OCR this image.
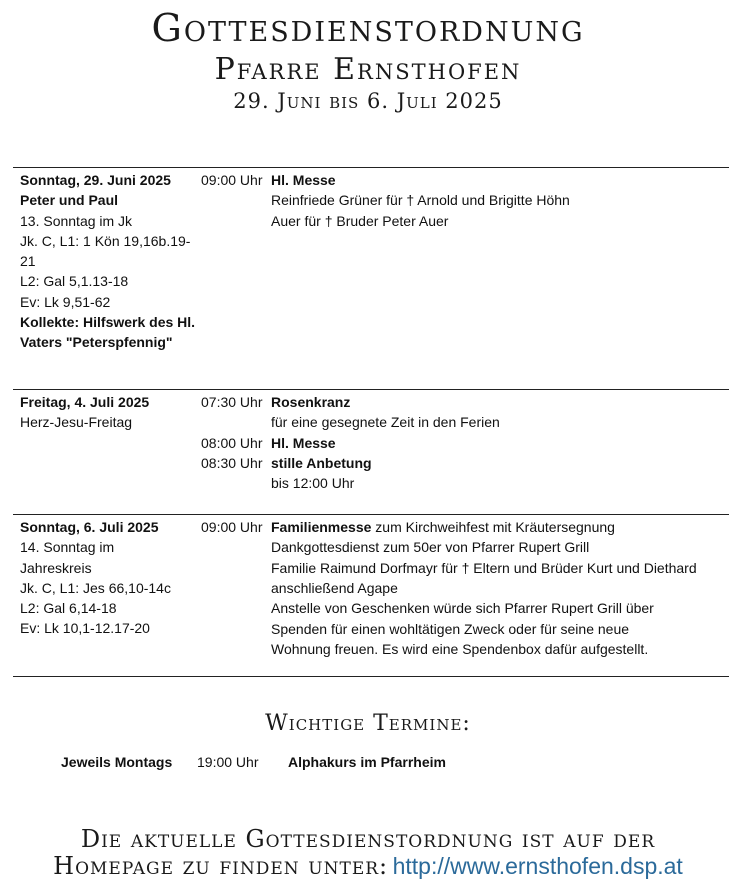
Gottesdienstordnung
Pfarre Ernsthofen
29. Juni bis 6. Juli 2025
Sonntag, 29. Juni 2025
Peter und Paul
13. Sonntag im Jk
Jk. C, L1: 1 Kön 19,16b.19-21
L2: Gal 5,1.13-18
Ev: Lk 9,51-62
Kollekte: Hilfswerk des Hl. Vaters "Peterspfennig"
09:00 Uhr Hl. Messe
Reinfriede Grüner für † Arnold und Brigitte Höhn
Auer für † Bruder Peter Auer
Freitag, 4. Juli 2025
Herz-Jesu-Freitag
07:30 Uhr Rosenkranz
für eine gesegnete Zeit in den Ferien
08:00 Uhr Hl. Messe
08:30 Uhr stille Anbetung
bis 12:00 Uhr
Sonntag, 6. Juli 2025
14. Sonntag im Jahreskreis
Jk. C, L1: Jes 66,10-14c
L2: Gal 6,14-18
Ev: Lk 10,1-12.17-20
09:00 Uhr Familienmesse zum Kirchweihfest mit Kräutersegnung
Dankgottesdienst zum 50er von Pfarrer Rupert Grill
Familie Raimund Dorfmayr für † Eltern und Brüder Kurt und Diethard
anschließend Agape
Anstelle von Geschenken würde sich Pfarrer Rupert Grill über
Spenden für einen wohltätigen Zweck oder für seine neue
Wohnung freuen. Es wird eine Spendenbox dafür aufgestellt.
Wichtige Termine:
Jeweils Montags 19:00 Uhr Alphakurs im Pfarrheim
Die aktuelle Gottesdienstordnung ist auf der
Homepage zu finden unter: http://www.ernsthofen.dsp.at
